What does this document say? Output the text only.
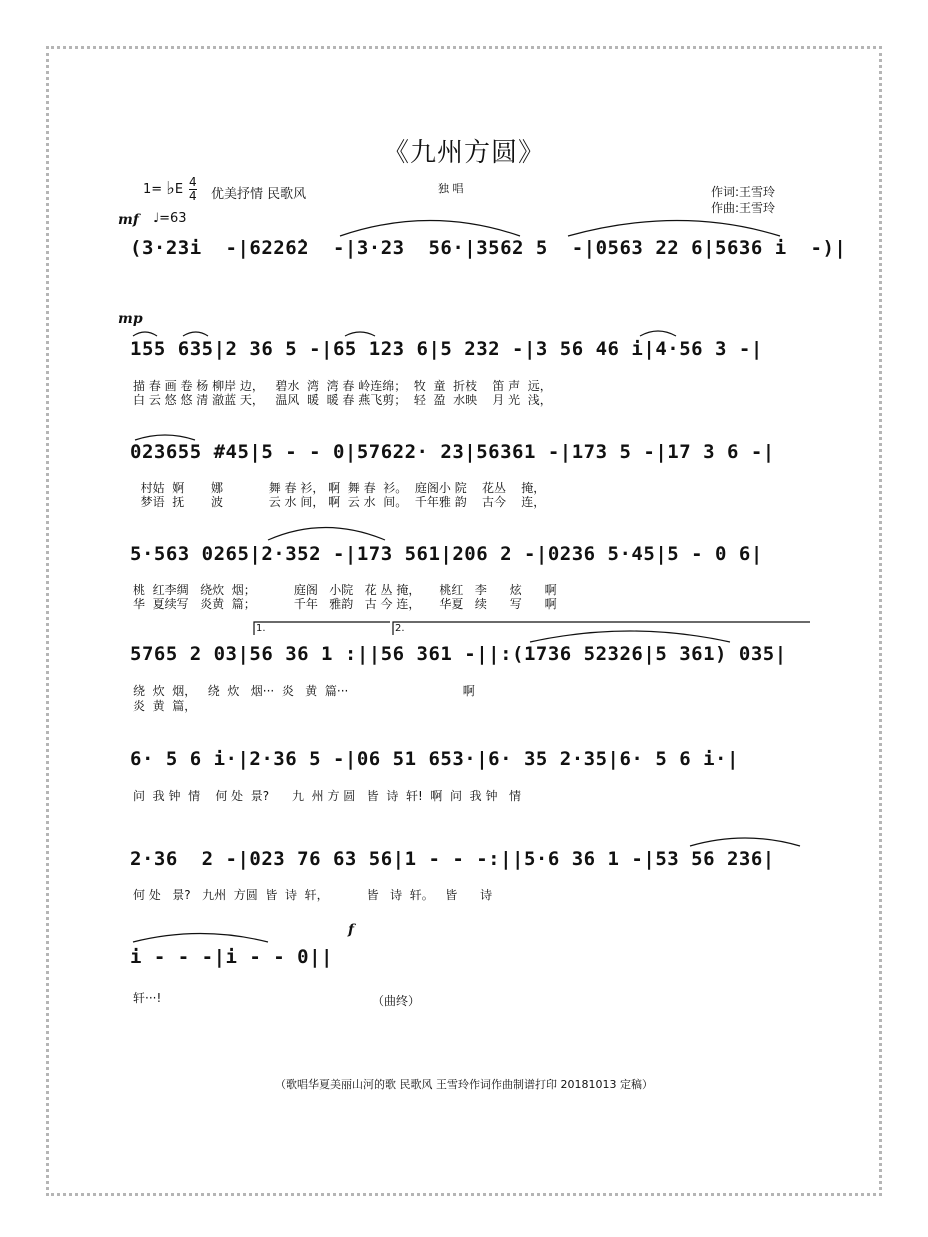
《九州方圆》
1= ♭E 4
4 优美抒情 民歌风	独 唱	作词:王雪玲
作曲:王雪玲
mf ♩=63
mp
f
(3·23i  -|6226̇2  -|3·23  56·|3562 5  -|0563 22 6|5636 i  -)|
155 635|2 36 5 -|65 123 6|5 232 -|3 56 46 i|4·56 3 -|
描 春 画 卷 杨 柳岸 边，   碧水  湾  湾 春 岭连绵；  牧  童  折枝    笛 声  远，
白 云 悠 悠 清 澈蓝 天，   温风  暖  暖 春 燕飞剪；  轻  盈  水映    月 光  浅，
023655 #45|5 - - 0|57622· 23|56361 -|173 5 -|17 3 6 -|
村姑  婀       娜            舞 春 衫， 啊  舞 春  衫。  庭阁小 院    花丛    掩，
梦语  抚       波            云 水 间， 啊  云 水  间。  千年雅 韵    古今    连，
5·563 0265|2·352 -|173 561|206 2 -|0236 5·45|5 - 0 6|
桃  红李绸   绕炊  烟；          庭阁   小院   花 丛 掩，     桃红   李      炫      啊
华  夏续写   炎黄  篇；          千年   雅韵   古 今 连，     华夏   续      写      啊
1.	2.
5765 2 03|56 36 1 :||56 361 -||:(1736 52326|5 361) 035|
绕  炊  烟，   绕  炊   烟···  炎   黄  篇···                              啊
炎  黄  篇，
6· 5 6 i·|2·36 5 -|06 51 653·|6· 35 2·35|6· 5 6 i·|
问  我 钟  情    何 处  景?      九  州 方 圆   皆  诗  轩!  啊  问  我 钟   情
2·36  2 -|023 76 63 56|1 - - -:||5·6 36 1 -|53 56 236|
何 处   景?   九州  方圆  皆  诗  轩，          皆   诗  轩。   皆      诗
i - - -|i - - 0||
轩···!	（曲终）
（歌唱华夏美丽山河的歌 民歌风 王雪玲作词作曲制谱打印 20181013 定稿）
